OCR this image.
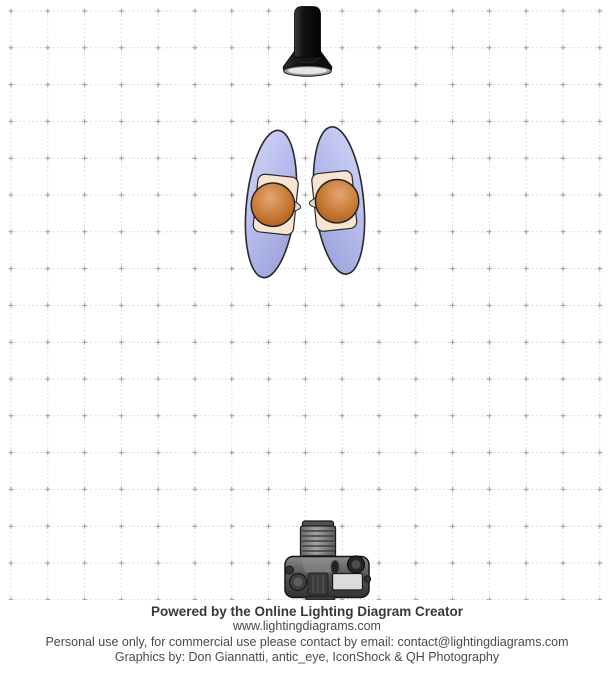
Powered by the Online Lighting Diagram Creator

www.lightingdiagrams.com

Personal use only, for commercial use please contact by email: contact@lightingdiagrams.com

Graphics by: Don Giannatti, antic_eye, IconShock & QH Photography
